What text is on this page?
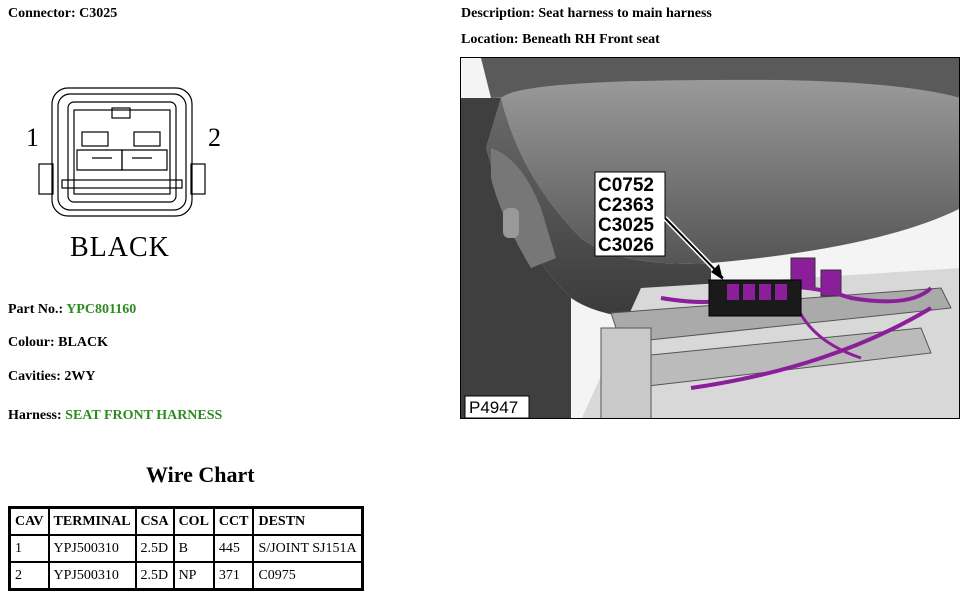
Connector: C3025	Description: Seat harness to main harness
Location: Beneath RH Front seat
1	2
BLACK
Part No.: YPC801160
Colour: BLACK
Cavities: 2WY
Harness: SEAT FRONT HARNESS
C0752
C2363
C3025
C3026
P4947
Wire Chart
CAV	TERMINAL	CSA	COL	CCT	DESTN
1	YPJ500310	2.5D	B	445	S/JOINT SJ151A
2	YPJ500310	2.5D	NP	371	C0975
